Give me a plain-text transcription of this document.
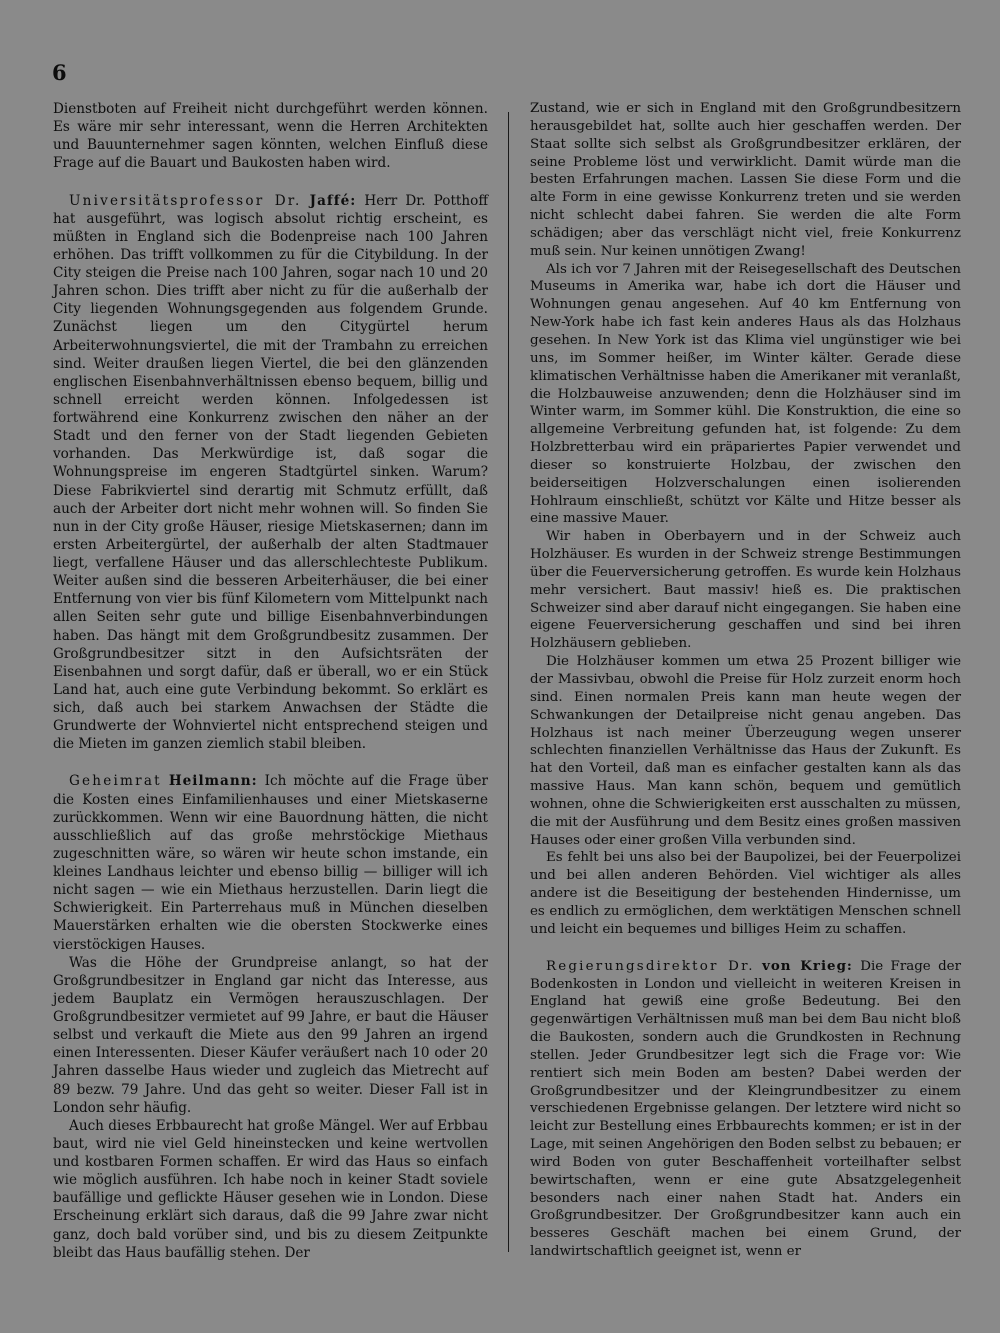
6

Dienstboten auf Freiheit nicht durchgeführt werden können. Es wäre mir sehr interessant, wenn die Herren Architekten und Bauunternehmer sagen könnten, welchen Einfluß diese Frage auf die Bauart und Baukosten haben wird.

Universitätsprofessor Dr. Jaffé: Herr Dr. Potthoff hat ausgeführt, was logisch absolut richtig erscheint, es müßten in England sich die Bodenpreise nach 100 Jahren erhöhen. Das trifft vollkommen zu für die Citybildung. In der City steigen die Preise nach 100 Jahren, sogar nach 10 und 20 Jahren schon. Dies trifft aber nicht zu für die außerhalb der City liegenden Wohnungsgegenden aus folgendem Grunde. Zunächst liegen um den Citygürtel herum Arbeiterwohnungsviertel, die mit der Trambahn zu erreichen sind. Weiter draußen liegen Viertel, die bei den glänzenden englischen Eisenbahnverhältnissen ebenso bequem, billig und schnell erreicht werden können. Infolgedessen ist fortwährend eine Konkurrenz zwischen den näher an der Stadt und den ferner von der Stadt liegenden Gebieten vorhanden. Das Merkwürdige ist, daß sogar die Wohnungspreise im engeren Stadtgürtel sinken. Warum? Diese Fabrikviertel sind derartig mit Schmutz erfüllt, daß auch der Arbeiter dort nicht mehr wohnen will. So finden Sie nun in der City große Häuser, riesige Mietskasernen; dann im ersten Arbeitergürtel, der außerhalb der alten Stadtmauer liegt, verfallene Häuser und das allerschlechteste Publikum. Weiter außen sind die besseren Arbeiterhäuser, die bei einer Entfernung von vier bis fünf Kilometern vom Mittelpunkt nach allen Seiten sehr gute und billige Eisenbahnverbindungen haben. Das hängt mit dem Großgrundbesitz zusammen. Der Großgrundbesitzer sitzt in den Aufsichtsräten der Eisenbahnen und sorgt dafür, daß er überall, wo er ein Stück Land hat, auch eine gute Verbindung bekommt. So erklärt es sich, daß auch bei starkem Anwachsen der Städte die Grundwerte der Wohnviertel nicht entsprechend steigen und die Mieten im ganzen ziemlich stabil bleiben.

Geheimrat Heilmann: Ich möchte auf die Frage über die Kosten eines Einfamilienhauses und einer Mietskaserne zurückkommen. Wenn wir eine Bauordnung hätten, die nicht ausschließlich auf das große mehrstöckige Miethaus zugeschnitten wäre, so wären wir heute schon imstande, ein kleines Landhaus leichter und ebenso billig — billiger will ich nicht sagen — wie ein Miethaus herzustellen. Darin liegt die Schwierigkeit. Ein Parterrehaus muß in München dieselben Mauerstärken erhalten wie die obersten Stockwerke eines vierstöckigen Hauses.

Was die Höhe der Grundpreise anlangt, so hat der Großgrundbesitzer in England gar nicht das Interesse, aus jedem Bauplatz ein Vermögen herauszuschlagen. Der Großgrundbesitzer vermietet auf 99 Jahre, er baut die Häuser selbst und verkauft die Miete aus den 99 Jahren an irgend einen Interessenten. Dieser Käufer veräußert nach 10 oder 20 Jahren dasselbe Haus wieder und zugleich das Mietrecht auf 89 bezw. 79 Jahre. Und das geht so weiter. Dieser Fall ist in London sehr häufig.

Auch dieses Erbbaurecht hat große Mängel. Wer auf Erbbau baut, wird nie viel Geld hineinstecken und keine wertvollen und kostbaren Formen schaffen. Er wird das Haus so einfach wie möglich ausführen. Ich habe noch in keiner Stadt soviele baufällige und geflickte Häuser gesehen wie in London. Diese Erscheinung erklärt sich daraus, daß die 99 Jahre zwar nicht ganz, doch bald vorüber sind, und bis zu diesem Zeitpunkte bleibt das Haus baufällig stehen. Der

Zustand, wie er sich in England mit den Großgrundbesitzern herausgebildet hat, sollte auch hier geschaffen werden. Der Staat sollte sich selbst als Großgrundbesitzer erklären, der seine Probleme löst und verwirklicht. Damit würde man die besten Erfahrungen machen. Lassen Sie diese Form und die alte Form in eine gewisse Konkurrenz treten und sie werden nicht schlecht dabei fahren. Sie werden die alte Form schädigen; aber das verschlägt nicht viel, freie Konkurrenz muß sein. Nur keinen unnötigen Zwang!

Als ich vor 7 Jahren mit der Reisegesellschaft des Deutschen Museums in Amerika war, habe ich dort die Häuser und Wohnungen genau angesehen. Auf 40 km Entfernung von New-York habe ich fast kein anderes Haus als das Holzhaus gesehen. In New York ist das Klima viel ungünstiger wie bei uns, im Sommer heißer, im Winter kälter. Gerade diese klimatischen Verhältnisse haben die Amerikaner mit veranlaßt, die Holzbauweise anzuwenden; denn die Holzhäuser sind im Winter warm, im Sommer kühl. Die Konstruktion, die eine so allgemeine Verbreitung gefunden hat, ist folgende: Zu dem Holzbretterbau wird ein präpariertes Papier verwendet und dieser so konstruierte Holzbau, der zwischen den beiderseitigen Holzverschalungen einen isolierenden Hohlraum einschließt, schützt vor Kälte und Hitze besser als eine massive Mauer.

Wir haben in Oberbayern und in der Schweiz auch Holzhäuser. Es wurden in der Schweiz strenge Bestimmungen über die Feuerversicherung getroffen. Es wurde kein Holzhaus mehr versichert. Baut massiv! hieß es. Die praktischen Schweizer sind aber darauf nicht eingegangen. Sie haben eine eigene Feuerversicherung geschaffen und sind bei ihren Holzhäusern geblieben.

Die Holzhäuser kommen um etwa 25 Prozent billiger wie der Massivbau, obwohl die Preise für Holz zurzeit enorm hoch sind. Einen normalen Preis kann man heute wegen der Schwankungen der Detailpreise nicht genau angeben. Das Holzhaus ist nach meiner Überzeugung wegen unserer schlechten finanziellen Verhältnisse das Haus der Zukunft. Es hat den Vorteil, daß man es einfacher gestalten kann als das massive Haus. Man kann schön, bequem und gemütlich wohnen, ohne die Schwierigkeiten erst ausschalten zu müssen, die mit der Ausführung und dem Besitz eines großen massiven Hauses oder einer großen Villa verbunden sind.

Es fehlt bei uns also bei der Baupolizei, bei der Feuerpolizei und bei allen anderen Behörden. Viel wichtiger als alles andere ist die Beseitigung der bestehenden Hindernisse, um es endlich zu ermöglichen, dem werktätigen Menschen schnell und leicht ein bequemes und billiges Heim zu schaffen.

Regierungsdirektor Dr. von Krieg: Die Frage der Bodenkosten in London und vielleicht in weiteren Kreisen in England hat gewiß eine große Bedeutung. Bei den gegenwärtigen Verhältnissen muß man bei dem Bau nicht bloß die Baukosten, sondern auch die Grundkosten in Rechnung stellen. Jeder Grundbesitzer legt sich die Frage vor: Wie rentiert sich mein Boden am besten? Dabei werden der Großgrundbesitzer und der Kleingrundbesitzer zu einem verschiedenen Ergebnisse gelangen. Der letztere wird nicht so leicht zur Bestellung eines Erbbaurechts kommen; er ist in der Lage, mit seinen Angehörigen den Boden selbst zu bebauen; er wird Boden von guter Beschaffenheit vorteilhafter selbst bewirtschaften, wenn er eine gute Absatzgelegenheit besonders nach einer nahen Stadt hat. Anders ein Großgrundbesitzer. Der Großgrundbesitzer kann auch ein besseres Geschäft machen bei einem Grund, der landwirtschaftlich geeignet ist, wenn er
